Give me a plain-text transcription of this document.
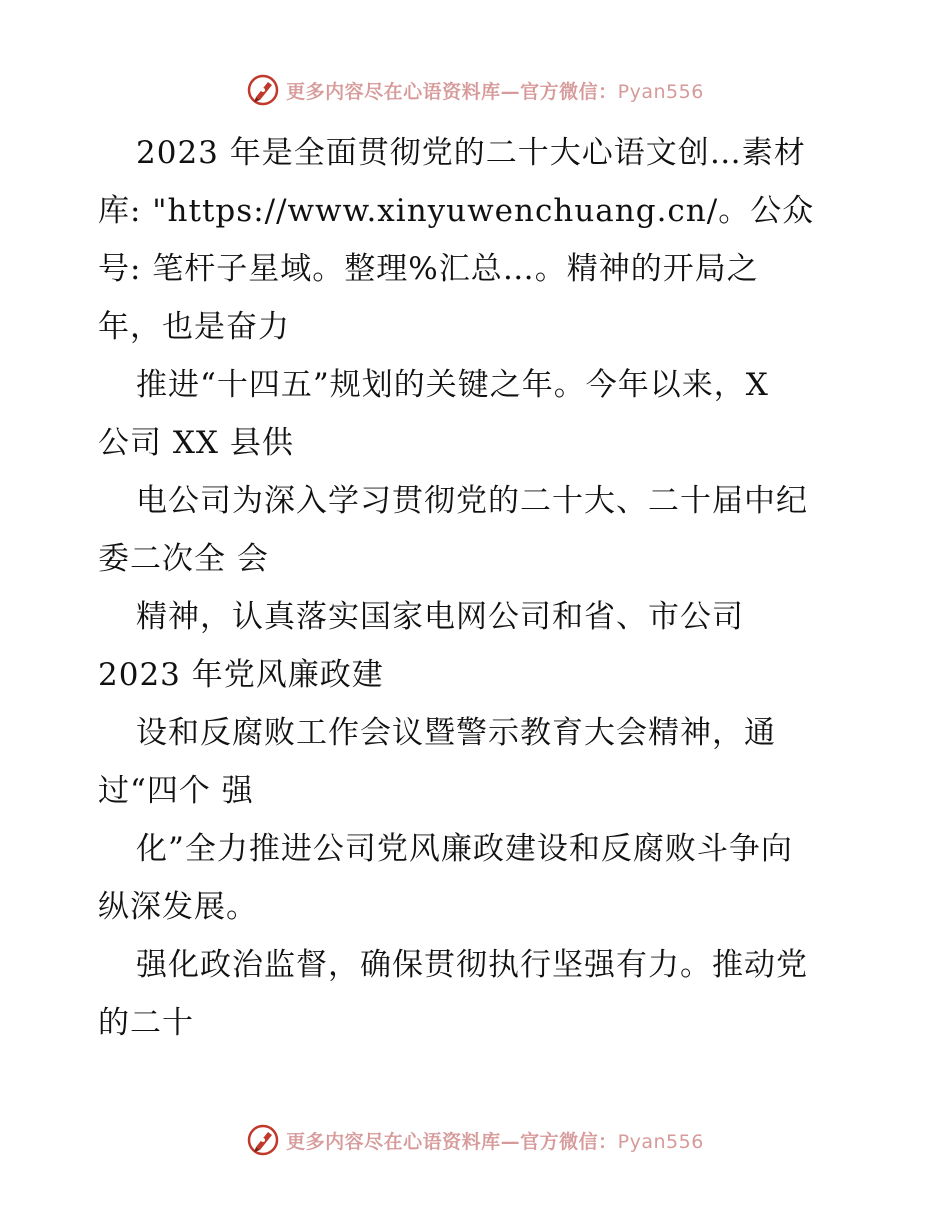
更多内容尽在心语资料库—官方微信：Pyan556
2023 年是全面贯彻党的二十大心语文创…素材
库: "https://www.xinyuwenchuang.cn/。公众
号: 笔杆子星域。整理%汇总…。精神的开局之
年，也是奋力
推进“十四五”规划的关键之年。今年以来，X
公司 XX 县供
电公司为深入学习贯彻党的二十大、二十届中纪
委二次全 会
精神，认真落实国家电网公司和省、市公司
2023 年党风廉政建
设和反腐败工作会议暨警示教育大会精神，通
过“四个 强
化”全力推进公司党风廉政建设和反腐败斗争向
纵深发展。
强化政治监督，确保贯彻执行坚强有力。推动党
的二十
更多内容尽在心语资料库—官方微信：Pyan556
